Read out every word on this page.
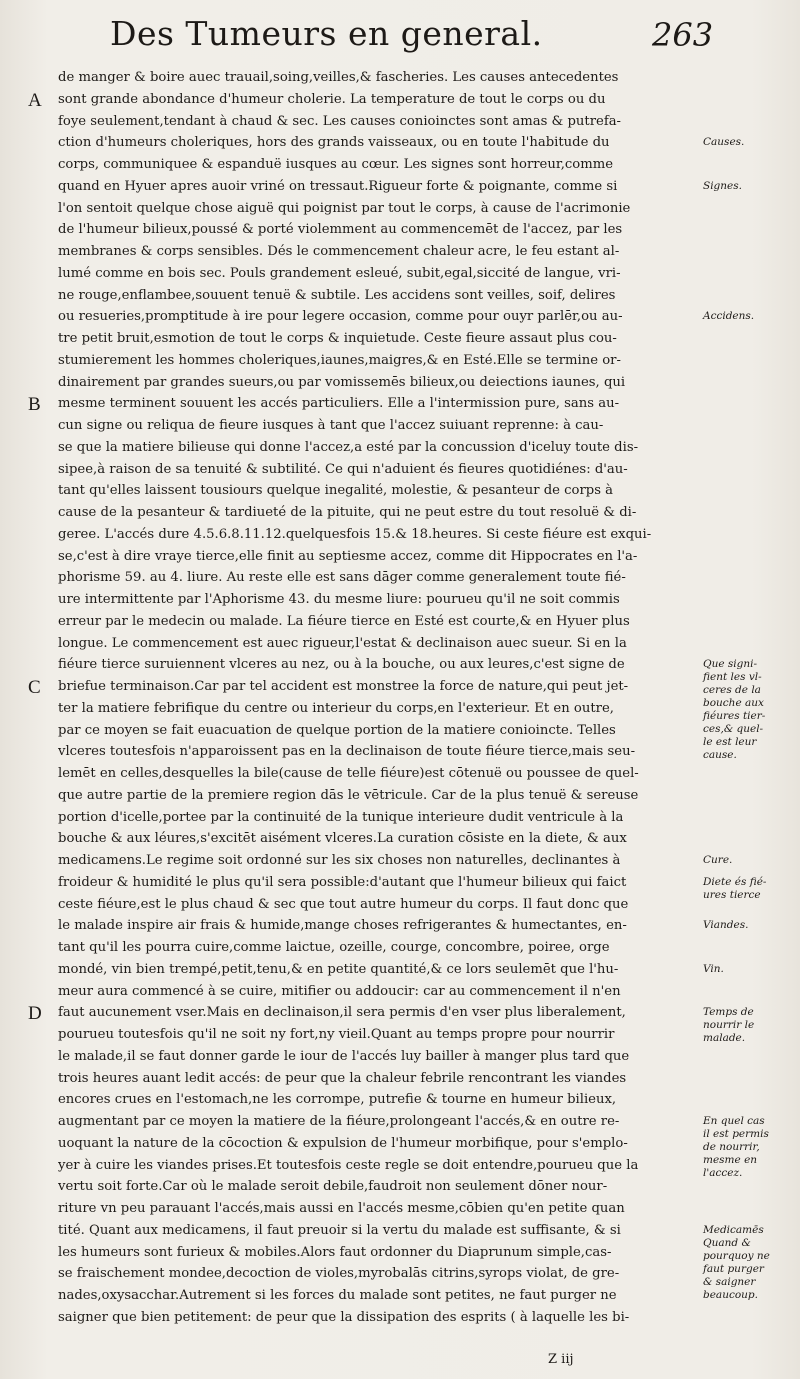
Des Tumeurs en general.	263
A
B
C
D
de manger & boire auec trauail,soing,veilles,& fascheries. Les causes antecedentes
sont grande abondance d'humeur cholerie. La temperature de tout le corps ou du
foye seulement,tendant à chaud & sec. Les causes conioinctes sont amas & putrefa-
ction d'humeurs choleriques, hors des grands vaisseaux, ou en toute l'habitude du
corps, communiquee & espanduë iusques au cœur. Les signes sont horreur,comme
quand en Hyuer apres auoir vriné on tressaut.Rigueur forte & poignante, comme si
l'on sentoit quelque chose aiguë qui poignist par tout le corps, à cause de l'acrimonie
de l'humeur bilieux,poussé & porté violemment au commencemēt de l'accez, par les
membranes & corps sensibles. Dés le commencement chaleur acre, le feu estant al-
lumé comme en bois sec. Pouls grandement esleué, subit,egal,siccité de langue, vri-
ne rouge,enflambee,souuent tenuë & subtile. Les accidens sont veilles, soif, delires
ou resueries,promptitude à ire pour legere occasion, comme pour ouyr parlēr,ou au-
tre petit bruit,esmotion de tout le corps & inquietude. Ceste fieure assaut plus cou-
stumierement les hommes choleriques,iaunes,maigres,& en Esté.Elle se termine or-
dinairement par grandes sueurs,ou par vomissemēs bilieux,ou deiections iaunes, qui
mesme terminent souuent les accés particuliers. Elle a l'intermission pure, sans au-
cun signe ou reliqua de fieure iusques à tant que l'accez suiuant reprenne: à cau-
se que la matiere bilieuse qui donne l'accez,a esté par la concussion d'iceluy toute dis-
sipee,à raison de sa tenuité & subtilité. Ce qui n'aduient és fieures quotidiénes: d'au-
tant qu'elles laissent tousiours quelque inegalité, molestie, & pesanteur de corps à
cause de la pesanteur & tardiueté de la pituite, qui ne peut estre du tout resoluë & di-
geree. L'accés dure 4.5.6.8.11.12.quelquesfois 15.& 18.heures. Si ceste fiéure est exqui-
se,c'est à dire vraye tierce,elle finit au septiesme accez, comme dit Hippocrates en l'a-
phorisme 59. au 4. liure. Au reste elle est sans dāger comme generalement toute fié-
ure intermittente par l'Aphorisme 43. du mesme liure: pourueu qu'il ne soit commis
erreur par le medecin ou malade. La fiéure tierce en Esté est courte,& en Hyuer plus
longue. Le commencement est auec rigueur,l'estat & declinaison auec sueur. Si en la
fiéure tierce suruiennent vlceres au nez, ou à la bouche, ou aux leures,c'est signe de
briefue terminaison.Car par tel accident est monstree la force de nature,qui peut jet-
ter la matiere febrifique du centre ou interieur du corps,en l'exterieur. Et en outre,
par ce moyen se fait euacuation de quelque portion de la matiere conioincte. Telles
vlceres toutesfois n'apparoissent pas en la declinaison de toute fiéure tierce,mais seu-
lemēt en celles,desquelles la bile(cause de telle fiéure)est cōtenuë ou poussee de quel-
que autre partie de la premiere region dās le vētricule. Car de la plus tenuë & sereuse
portion d'icelle,portee par la continuité de la tunique interieure dudit ventricule à la
bouche & aux léures,s'excitēt aisément vlceres.La curation cōsiste en la diete, & aux
medicamens.Le regime soit ordonné sur les six choses non naturelles, declinantes à
froideur & humidité le plus qu'il sera possible:d'autant que l'humeur bilieux qui faict
ceste fiéure,est le plus chaud & sec que tout autre humeur du corps. Il faut donc que
le malade inspire air frais & humide,mange choses refrigerantes & humectantes, en-
tant qu'il les pourra cuire,comme laictue, ozeille, courge, concombre, poiree, orge
mondé, vin bien trempé,petit,tenu,& en petite quantité,& ce lors seulemēt que l'hu-
meur aura commencé à se cuire, mitifier ou addoucir: car au commencement il n'en
faut aucunement vser.Mais en declinaison,il sera permis d'en vser plus liberalement,
pourueu toutesfois qu'il ne soit ny fort,ny vieil.Quant au temps propre pour nourrir
le malade,il se faut donner garde le iour de l'accés luy bailler à manger plus tard que
trois heures auant ledit accés: de peur que la chaleur febrile rencontrant les viandes
encores crues en l'estomach,ne les corrompe, putrefie & tourne en humeur bilieux,
augmentant par ce moyen la matiere de la fiéure,prolongeant l'accés,& en outre re-
uoquant la nature de la cōcoction & expulsion de l'humeur morbifique, pour s'emplo-
yer à cuire les viandes prises.Et toutesfois ceste regle se doit entendre,pourueu que la
vertu soit forte.Car où le malade seroit debile,faudroit non seulement dōner nour-
riture vn peu parauant l'accés,mais aussi en l'accés mesme,cōbien qu'en petite quan
tité. Quant aux medicamens, il faut preuoir si la vertu du malade est suffisante, & si
les humeurs sont furieux & mobiles.Alors faut ordonner du Diaprunum simple,cas-
se fraischement mondee,decoction de violes,myrobalās citrins,syrops violat, de gre-
nades,oxysacchar.Autrement si les forces du malade sont petites, ne faut purger ne
saigner que bien petitement: de peur que la dissipation des esprits ( à laquelle les bi-
Causes.
Signes.
Accidens.
Que signi-
fient les vl-
ceres de la
bouche aux
fiéures tier-
ces,& quel-
le est leur
cause.
Cure.
Diete és fié-
ures tierce
Viandes.
Vin.
Temps de
nourrir le
malade.
En quel cas
il est permis
de nourrir,
mesme en
l'accez.
Medicamēs
Quand &
pourquoy ne
faut purger
& saigner
beaucoup.
Z iij
